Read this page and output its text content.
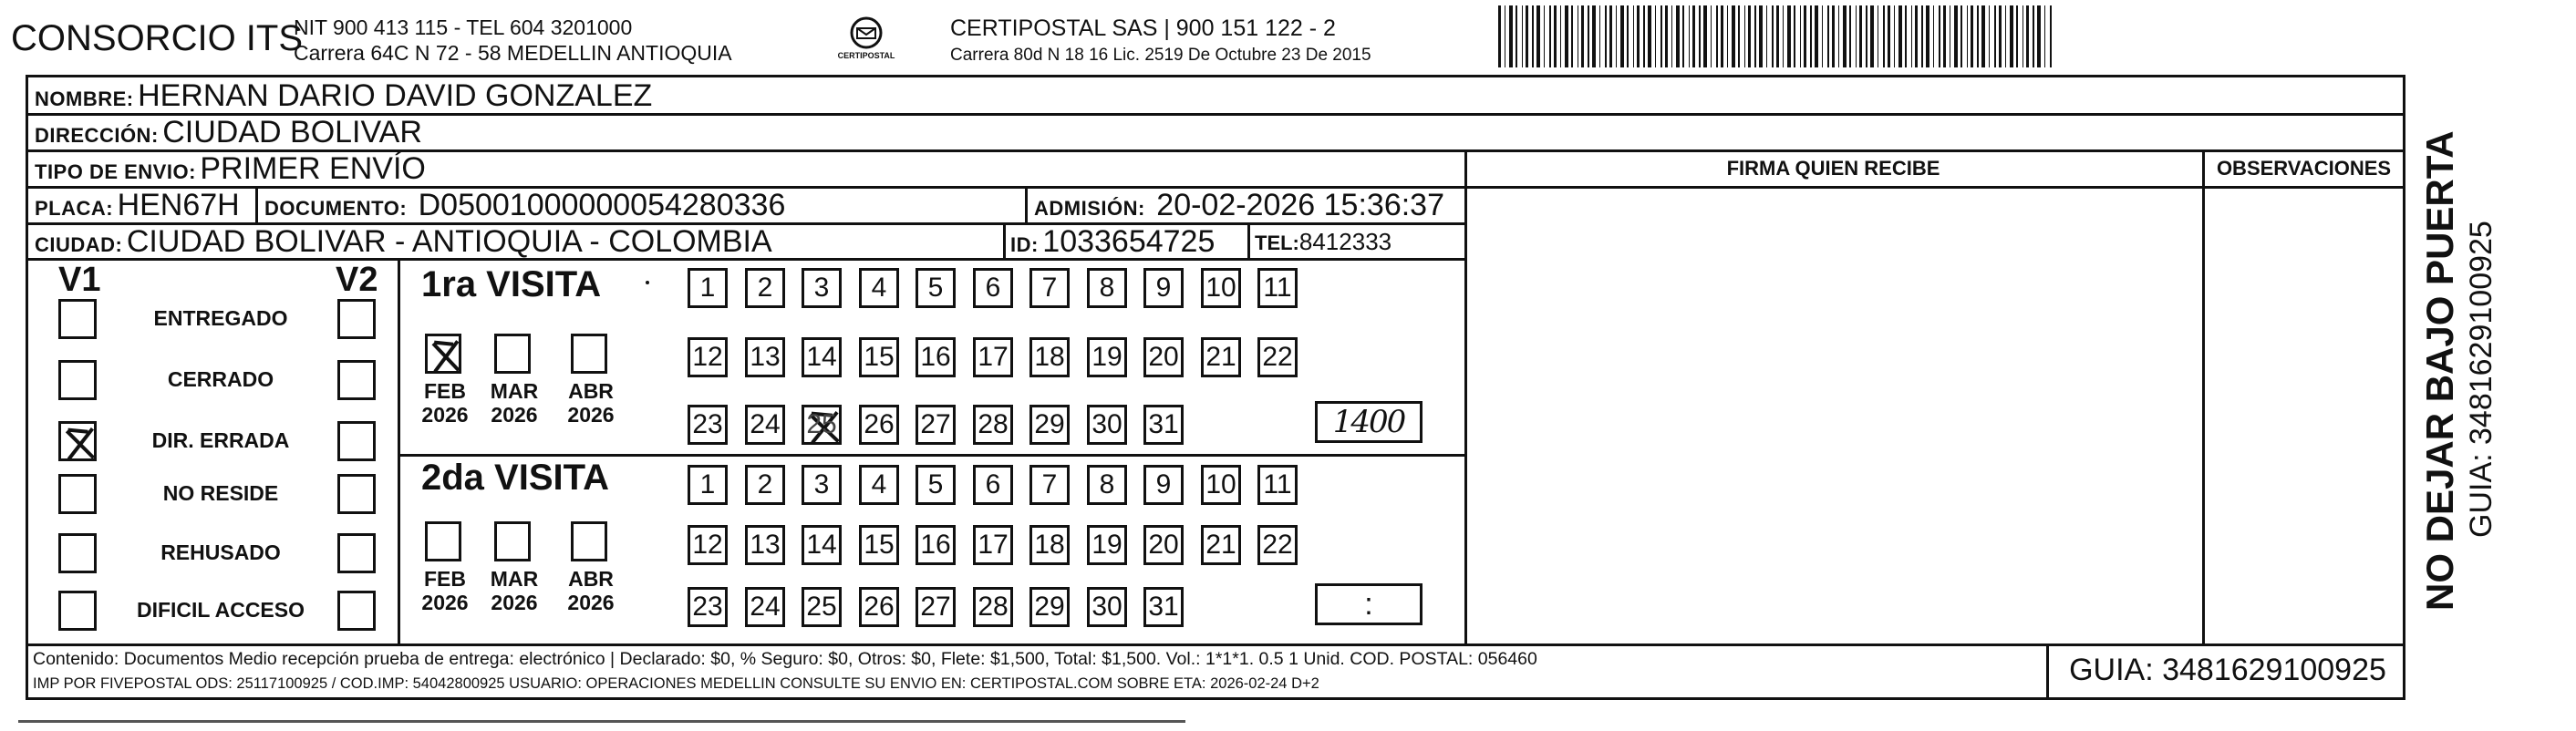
CONSORCIO ITS
NIT 900 413 115 - TEL 604 3201000
Carrera 64C N 72 - 58 MEDELLIN ANTIOQUIA	CERTIPOSTAL
CERTIPOSTAL SAS | 900 151 122 - 2
Carrera 80d N 18 16 Lic. 2519 De Octubre 23 De 2015
NOMBRE: HERNAN DARIO DAVID GONZALEZ
DIRECCIÓN: CIUDAD BOLIVAR
TIPO DE ENVIO: PRIMER ENVÍO	FIRMA QUIEN RECIBE	OBSERVACIONES
PLACA: HEN67H DOCUMENTO: D05001000000054280336	ADMISIÓN: 20-02-2026 15:36:37
CIUDAD: CIUDAD BOLIVAR - ANTIOQUIA - COLOMBIA	ID: 1033654725 TEL:8412333
V1	V2
ENTREGADO
CERRADO
DIR. ERRADA
NO RESIDE
REHUSADO
DIFICIL ACCESO
1ra VISITA
2da VISITA
FEB
2026
MAR
2026
ABR
2026
FEB
2026
MAR
2026
ABR
2026
1	2	3	4	5	6	7	8	9	10 11
12 13 14 15 16 17 18 19 20 21 22
23 24 25 26 27 28 29 30 31	1400
1	2	3	4	5	6	7	8	9	10 11
12 13 14 15 16 17 18 19 20 21 22
23 24 25 26 27 28 29 30 31	:
Contenido: Documentos Medio recepción prueba de entrega: electrónico | Declarado: $0, % Seguro: $0, Otros: $0, Flete: $1,500, Total: $1,500. Vol.: 1*1*1. 0.5 1 Unid. COD. POSTAL: 056460
IMP POR FIVEPOSTAL ODS: 25117100925 / COD.IMP: 54042800925 USUARIO: OPERACIONES MEDELLIN CONSULTE SU ENVIO EN: CERTIPOSTAL.COM SOBRE ETA: 2026-02-24 D+2	GUIA: 3481629100925
NO DEJAR BAJO PUERTA GUIA: 3481629100925
